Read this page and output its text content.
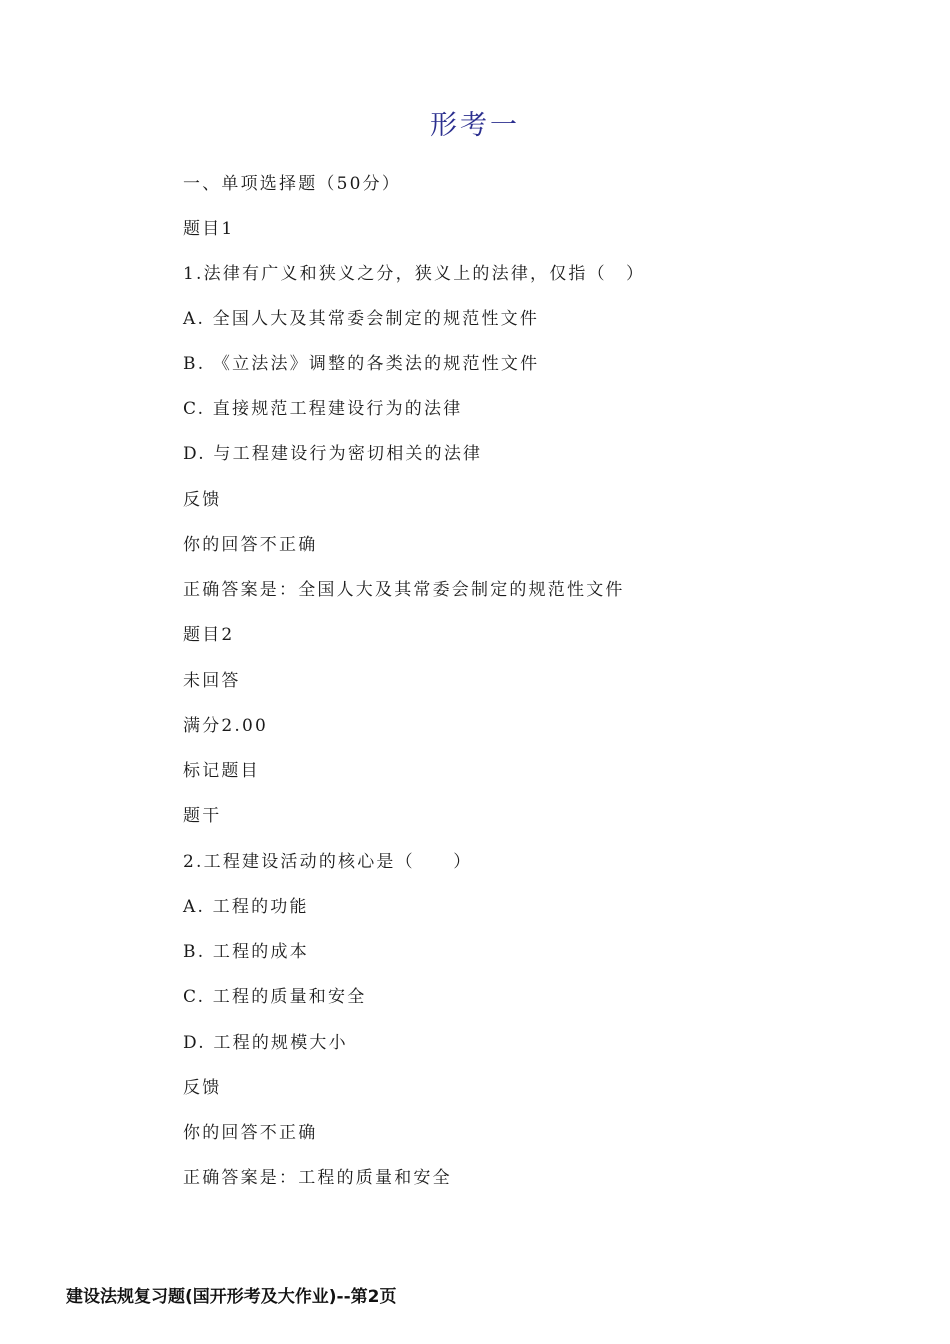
形考一
一、单项选择题（50分）
题目1
1.法律有广义和狭义之分，狭义上的法律，仅指（　）
A. 全国人大及其常委会制定的规范性文件
B. 《立法法》调整的各类法的规范性文件
C. 直接规范工程建设行为的法律
D. 与工程建设行为密切相关的法律
反馈
你的回答不正确
正确答案是：全国人大及其常委会制定的规范性文件
题目2
未回答
满分2.00
标记题目
题干
2.工程建设活动的核心是（　　）
A. 工程的功能
B. 工程的成本
C. 工程的质量和安全
D. 工程的规模大小
反馈
你的回答不正确
正确答案是：工程的质量和安全
建设法规复习题(国开形考及大作业)--第2页
